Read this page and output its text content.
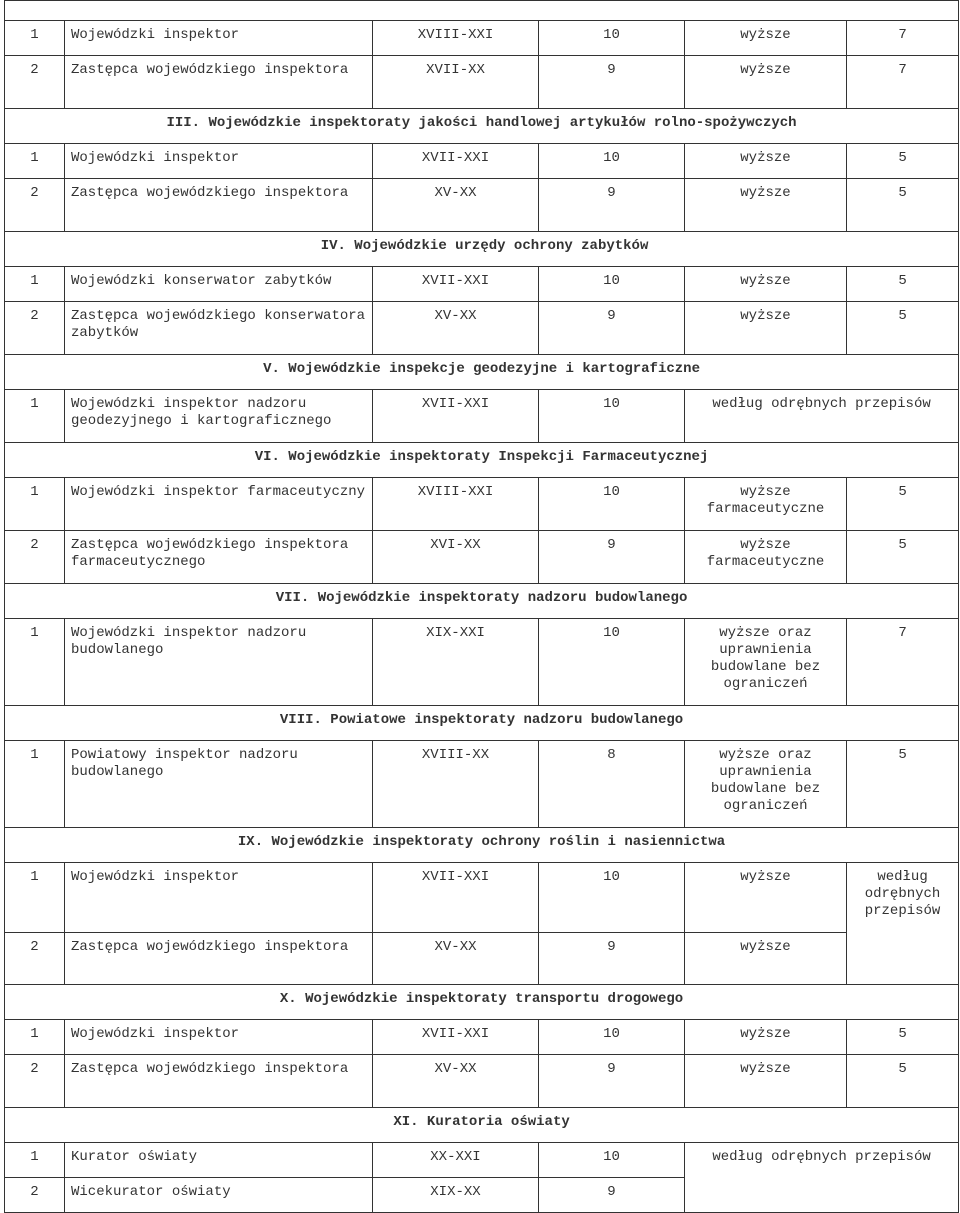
1	Wojewódzki inspektor	XVIII-XXI	10	wyższe	7
2	Zastępca wojewódzkiego inspektora	XVII-XX	9	wyższe	7
III. Wojewódzkie inspektoraty jakości handlowej artykułów rolno-spożywczych					
1	Wojewódzki inspektor	XVII-XXI	10	wyższe	5
2	Zastępca wojewódzkiego inspektora	XV-XX	9	wyższe	5
IV. Wojewódzkie urzędy ochrony zabytków					
1	Wojewódzki konserwator zabytków	XVII-XXI	10	wyższe	5
2	Zastępca wojewódzkiego konserwatora zabytków	XV-XX	9	wyższe	5
V. Wojewódzkie inspekcje geodezyjne i kartograficzne					
1	Wojewódzki inspektor nadzoru geodezyjnego i kartograficznego	XVII-XXI	10	według odrębnych przepisów	
VI. Wojewódzkie inspektoraty Inspekcji Farmaceutycznej					
1	Wojewódzki inspektor farmaceutyczny	XVIII-XXI	10	wyższe farmaceutyczne	5
2	Zastępca wojewódzkiego inspektora farmaceutycznego	XVI-XX	9	wyższe farmaceutyczne	5
VII. Wojewódzkie inspektoraty nadzoru budowlanego					
1	Wojewódzki inspektor nadzoru budowlanego	XIX-XXI	10	wyższe oraz uprawnienia budowlane bez ograniczeń	7
VIII. Powiatowe inspektoraty nadzoru budowlanego					
1	Powiatowy inspektor nadzoru budowlanego	XVIII-XX	8	wyższe oraz uprawnienia budowlane bez ograniczeń	5
IX. Wojewódzkie inspektoraty ochrony roślin i nasiennictwa					
1	Wojewódzki inspektor	XVII-XXI	10	wyższe	według odrębnych przepisów
2	Zastępca wojewódzkiego inspektora	XV-XX	9	wyższe	
X. Wojewódzkie inspektoraty transportu drogowego					
1	Wojewódzki inspektor	XVII-XXI	10	wyższe	5
2	Zastępca wojewódzkiego inspektora	XV-XX	9	wyższe	5
XI. Kuratoria oświaty					
1	Kurator oświaty	XX-XXI	10	według odrębnych przepisów	
2	Wicekurator oświaty	XIX-XX	9		
